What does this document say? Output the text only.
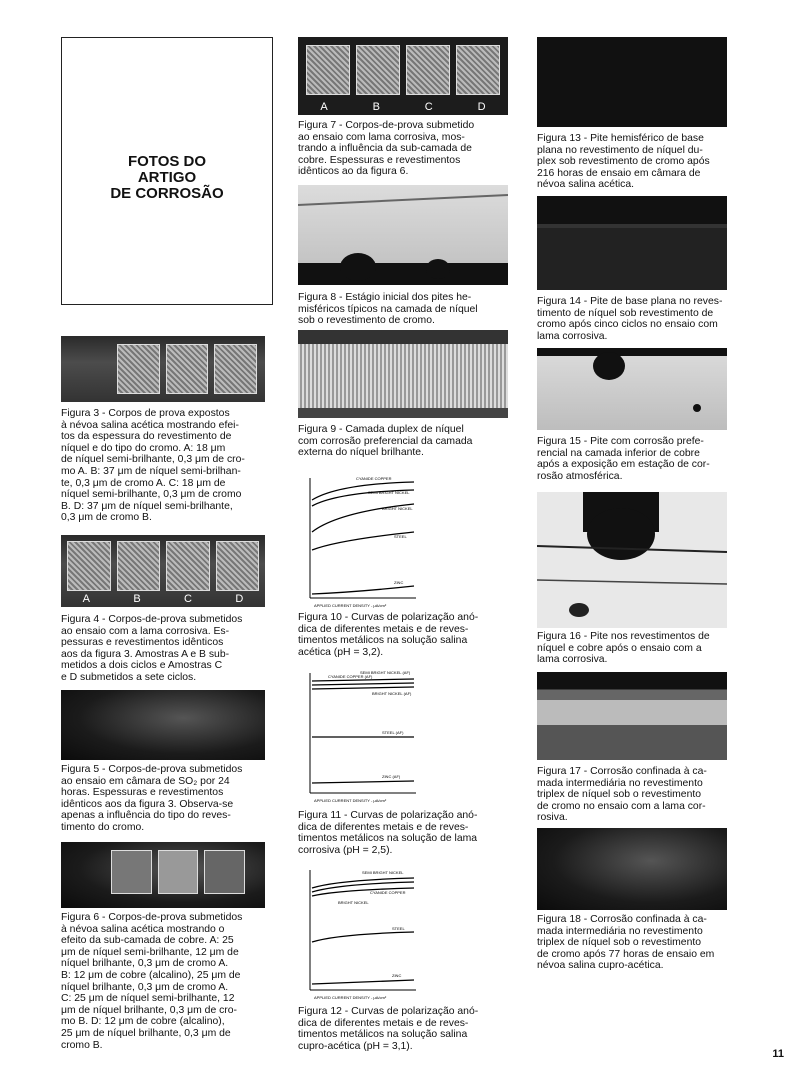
FOTOS DO
ARTIGO
DE CORROSÃO
Figura 3 - Corpos de prova expostos
à névoa salina acética mostrando efei-
tos da espessura do revestimento de
níquel e do tipo do cromo. A: 18 μm
de níquel semi-brilhante, 0,3 μm de cro-
mo A. B: 37 μm de níquel semi-brilhan-
te, 0,3 μm de cromo A. C: 18 μm de
níquel semi-brilhante, 0,3 μm de cromo
B. D: 37 μm de níquel semi-brilhante,
0,3 μm de cromo B.
A	B	C	D
Figura 4 - Corpos-de-prova submetidos
ao ensaio com a lama corrosiva. Es-
pessuras e revestimentos idênticos
aos da figura 3. Amostras A e B sub-
metidos a dois ciclos e Amostras C
e D submetidos a sete ciclos.
Figura 5 - Corpos-de-prova submetidos
ao ensaio em câmara de SO₂ por 24
horas. Espessuras e revestimentos
idênticos aos da figura 3. Observa-se
apenas a influência do tipo do reves-
timento do cromo.
Figura 6 - Corpos-de-prova submetidos
à névoa salina acética mostrando o
efeito da sub-camada de cobre. A: 25
μm de níquel semi-brilhante, 12 μm de
níquel brilhante, 0,3 μm de cromo A.
B: 12 μm de cobre (alcalino), 25 μm de
níquel brilhante, 0,3 μm de cromo A.
C: 25 μm de níquel semi-brilhante, 12
μm de níquel brilhante, 0,3 μm de cro-
mo B. D: 12 μm de cobre (alcalino),
25 μm de níquel brilhante, 0,3 μm de
cromo B.
A	B	C	D
Figura 7 - Corpos-de-prova submetido
ao ensaio com lama corrosiva, mos-
trando a influência da sub-camada de
cobre. Espessuras e revestimentos
idênticos ao da figura 6.
Figura 8 - Estágio inicial dos pites he-
misféricos típicos na camada de níquel
sob o revestimento de cromo.
Figura 9 - Camada duplex de níquel
com corrosão preferencial da camada
externa do níquel brilhante.
CYANIDE COPPER
SEMI BRIGHT NICKEL
BRIGHT NICKEL
STEEL
ZINC
APPLIED CURRENT DENSITY - μA/cm²
Figura 10 - Curvas de polarização anó-
dica de diferentes metais e de reves-
timentos metálicos na solução salina
acética (pH = 3,2).
SEMI BRIGHT NICKEL (AF)
CYANIDE COPPER (AF)
BRIGHT NICKEL (AF)
STEEL (AF)
ZINC (AF)
APPLIED CURRENT DENSITY - μA/cm²
Figura 11 - Curvas de polarização anó-
dica de diferentes metais e de reves-
timentos metálicos na solução de lama
corrosiva (pH = 2,5).
SEMI BRIGHT NICKEL
CYANIDE COPPER
BRIGHT NICKEL
STEEL
ZINC
APPLIED CURRENT DENSITY - μA/cm²
Figura 12 - Curvas de polarização anó-
dica de diferentes metais e de reves-
timentos metálicos na solução salina
cupro-acética (pH = 3,1).
Figura 13 - Pite hemisférico de base
plana no revestimento de níquel du-
plex sob revestimento de cromo após
216 horas de ensaio em câmara de
névoa salina acética.
Figura 14 - Pite de base plana no reves-
timento de níquel sob revestimento de
cromo após cinco ciclos no ensaio com
lama corrosiva.
Figura 15 - Pite com corrosão prefe-
rencial na camada inferior de cobre
após a exposição em estação de cor-
rosão atmosférica.
Figura 16 - Pite nos revestimentos de
níquel e cobre após o ensaio com a
lama corrosiva.
Figura 17 - Corrosão confinada à ca-
mada intermediária no revestimento
triplex de níquel sob o revestimento
de cromo no ensaio com a lama cor-
rosiva.
Figura 18 - Corrosão confinada à ca-
mada intermediária no revestimento
triplex de níquel sob o revestimento
de cromo após 77 horas de ensaio em
névoa salina cupro-acética.
11
